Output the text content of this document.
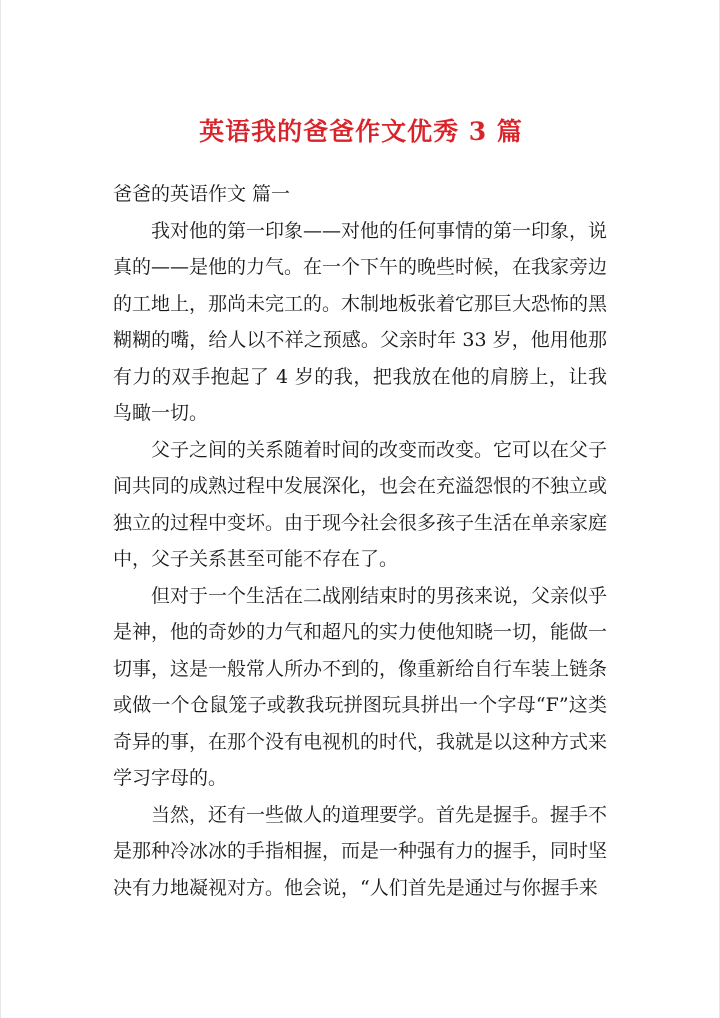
英语我的爸爸作文优秀 3 篇

爸爸的英语作文 篇一

我对他的第一印象——对他的任何事情的第一印象，说真的——是他的力气。在一个下午的晚些时候，在我家旁边的工地上，那尚未完工的。木制地板张着它那巨大恐怖的黑糊糊的嘴，给人以不祥之预感。父亲时年 33 岁，他用他那有力的双手抱起了 4 岁的我，把我放在他的肩膀上，让我鸟瞰一切。

父子之间的关系随着时间的改变而改变。它可以在父子间共同的成熟过程中发展深化，也会在充溢怨恨的不独立或独立的过程中变坏。由于现今社会很多孩子生活在单亲家庭中，父子关系甚至可能不存在了。

但对于一个生活在二战刚结束时的男孩来说，父亲似乎是神，他的奇妙的力气和超凡的实力使他知晓一切，能做一切事，这是一般常人所办不到的，像重新给自行车装上链条或做一个仓鼠笼子或教我玩拼图玩具拼出一个字母“F”这类奇异的事，在那个没有电视机的时代，我就是以这种方式来学习字母的。

当然，还有一些做人的道理要学。首先是握手。握手不是那种冷冰冰的手指相握，而是一种强有力的握手，同时坚决有力地凝视对方。他会说，“人们首先是通过与你握手来
